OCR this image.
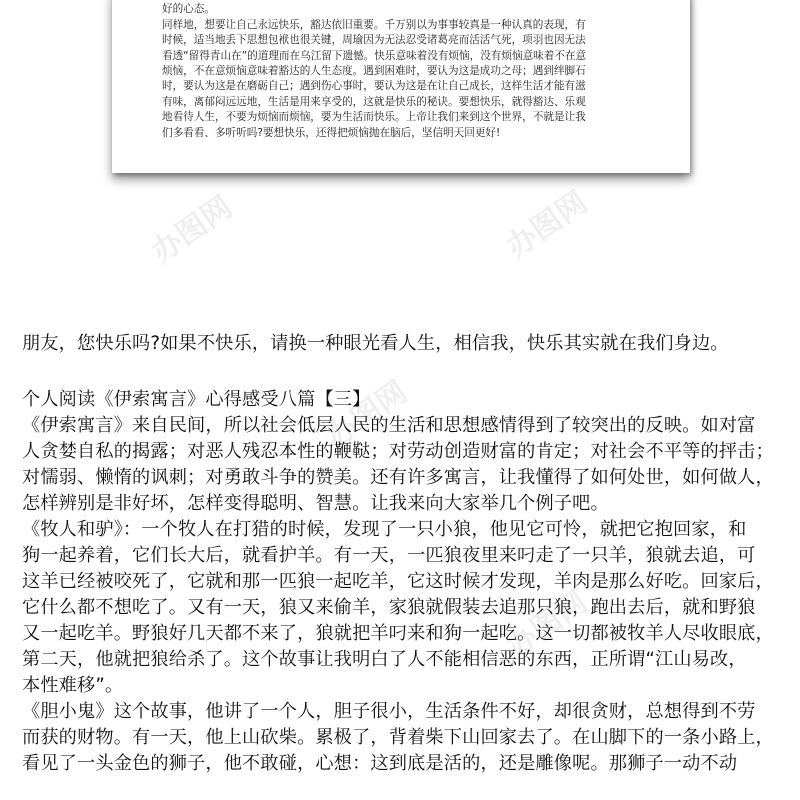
好的心态。
同样地，想要让自己永远快乐，豁达依旧重要。千万别以为事事较真是一种认真的表现，有
时候，适当地丢下思想包袱也很关键，周瑜因为无法忍受诸葛亮而活活气死，项羽也因无法
看透“留得青山在”的道理而在乌江留下遗憾。快乐意味着没有烦恼，没有烦恼意味着不在意
烦恼，不在意烦恼意味着豁达的人生态度。遇到困难时，要认为这是成功之母；遇到绊脚石
时，要认为这是在磨砺自己；遇到伤心事时，要认为这是在让自己成长，这样生活才能有滋
有味，离郁闷远远地，生活是用来享受的，这就是快乐的秘诀。要想快乐，就得豁达、乐观
地看待人生，不要为烦恼而烦恼，要为生活而快乐。上帝让我们来到这个世界，不就是让我
们多看看、多听听吗?要想快乐，还得把烦恼抛在脑后，坚信明天回更好!
办图网	办图网
办图网
办图网
朋友，您快乐吗?如果不快乐，请换一种眼光看人生，相信我，快乐其实就在我们身边。
个人阅读《伊索寓言》心得感受八篇【三】
《伊索寓言》来自民间，所以社会低层人民的生活和思想感情得到了较突出的反映。如对富
人贪婪自私的揭露；对恶人残忍本性的鞭鞑；对劳动创造财富的肯定；对社会不平等的抨击；
对懦弱、懒惰的讽刺；对勇敢斗争的赞美。还有许多寓言，让我懂得了如何处世，如何做人，
怎样辨别是非好坏，怎样变得聪明、智慧。让我来向大家举几个例子吧。
《牧人和驴》：一个牧人在打猎的时候，发现了一只小狼，他见它可怜，就把它抱回家，和
狗一起养着，它们长大后，就看护羊。有一天，一匹狼夜里来叼走了一只羊，狼就去追，可
这羊已经被咬死了，它就和那一匹狼一起吃羊，它这时候才发现，羊肉是那么好吃。回家后，
它什么都不想吃了。又有一天，狼又来偷羊，家狼就假装去追那只狼，跑出去后，就和野狼
又一起吃羊。野狼好几天都不来了，狼就把羊叼来和狗一起吃。这一切都被牧羊人尽收眼底，
第二天，他就把狼给杀了。这个故事让我明白了人不能相信恶的东西，正所谓“江山易改，
本性难移”。
《胆小鬼》这个故事，他讲了一个人，胆子很小，生活条件不好，却很贪财，总想得到不劳
而获的财物。有一天，他上山砍柴。累极了，背着柴下山回家去了。在山脚下的一条小路上，
看见了一头金色的狮子，他不敢碰，心想：这到底是活的，还是雕像呢。那狮子一动不动
